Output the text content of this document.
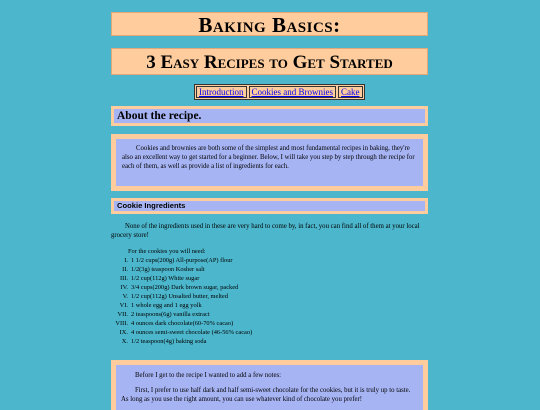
Baking Basics:
3 Easy Recipes to Get Started
Introduction Cookies and Brownies Cake
About the recipe.
Cookies and brownies are both some of the simplest and most fundamental recipes in baking, they're also an excellent way to get started for a beginner. Below, I will take you step by step through the recipe for each of them, as well as provide a list of ingredients for each.
Cookie Ingredients
None of the ingredients used in these are very hard to come by, in fact, you can find all of them at your local grocery store!
For the cookies you will need:
I. 1 1/2 cups(200g) All-purpose(AP) flour
II. 1/2(3g) teaspoon Kosher salt
III. 1/2 cup(112g) White sugar
IV. 3/4 cups(200g) Dark brown sugar, packed
V. 1/2 cup(112g) Unsalted butter, melted
VI. 1 whole egg and 1 egg yolk
VII. 2 teaspoons(6g) vanilla extract
VIII. 4 ounces dark chocolate(60-70% cacao)
IX. 4 ounces semi-sweet chocolate (46-56% cacao)
X. 1/2 teaspoon(4g) baking soda

Before I get to the recipe I wanted to add a few notes:

First, I prefer to use half dark and half semi-sweet chocolate for the cookies, but it is truly up to taste. As long as you use the right amount, you can use whatever kind of chocolate you prefer!
